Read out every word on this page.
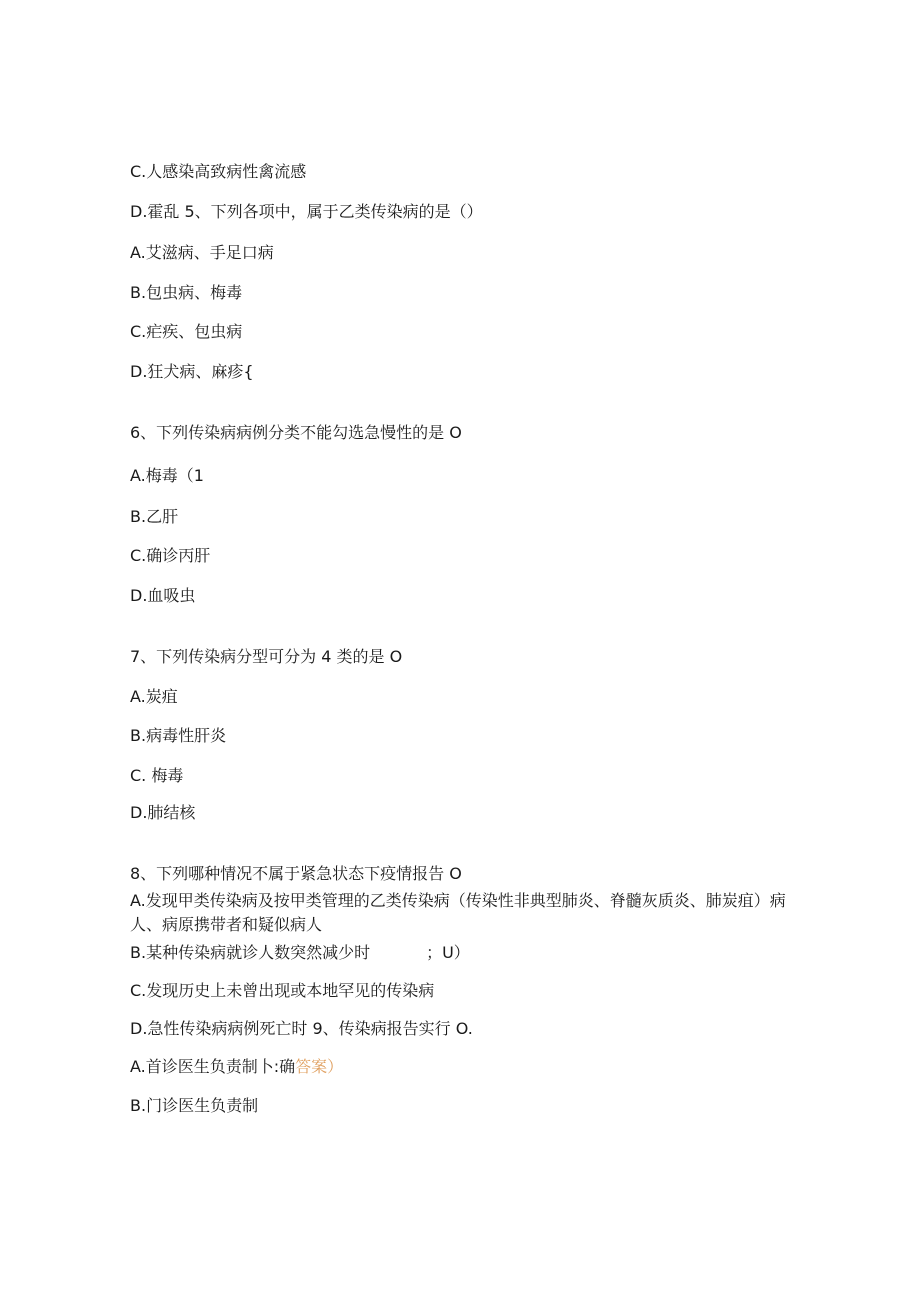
C.人感染高致病性禽流感
D.霍乱 5、下列各项中，属于乙类传染病的是（）
A.艾滋病、手足口病
B.包虫病、梅毒
C.疟疾、包虫病
D.狂犬病、麻疹{
6、下列传染病病例分类不能勾选急慢性的是 O
A.梅毒（1
B.乙肝
C.确诊丙肝
D.血吸虫
7、下列传染病分型可分为 4 类的是 O
A.炭疽
B.病毒性肝炎
C. 梅毒
D.肺结核
8、下列哪种情况不属于紧急状态下疫情报告 O
A.发现甲类传染病及按甲类管理的乙类传染病（传染性非典型肺炎、脊髓灰质炎、肺炭疽）病人、病原携带者和疑似病人
B.某种传染病就诊人数突然减少时	；U）
C.发现历史上未曾出现或本地罕见的传染病
D.急性传染病病例死亡时 9、传染病报告实行 O.
A.首诊医生负责制卜:确答案）
B.门诊医生负责制
